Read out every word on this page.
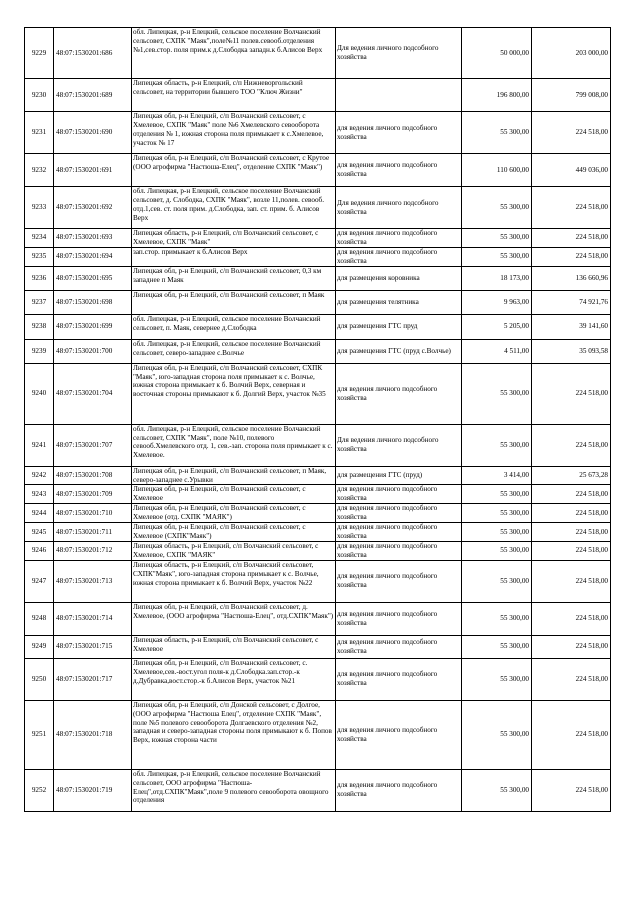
9229	48:07:1530201:686	обл. Липецкая, р-н Елецкий, сельское поселение Волчанский сельсовет, СХПК "Маяк",поле№11 полев.севооб.отделения №1,сев.стор. поля прим.к д.Слободка западн.к б.Алисов Верх	Для ведения личного подсобного хозяйства	50 000,00	203 000,00
9230	48:07:1530201:689	Липецкая область, р-н Елецкий, с/п Нижневоргольский сельсовет, на территории бывшего ТОО "Ключ Жизни"		196 800,00	799 008,00
9231	48:07:1530201:690	Липецкая обл, р-н Елецкий, с/п Волчанский сельсовет, с Хмелевое, СХПК "Маяк" поле №6 Хмелевского севооборота отделения № 1, южная сторона поля примыкает к с.Хмелевое, участок № 17	для ведения личного подсобного хозяйства	55 300,00	224 518,00
9232	48:07:1530201:691	Липецкая обл, р-н Елецкий, с/п Волчанский сельсовет, с Крутое (ООО агрофирма "Настюша-Елец", отделение СХПК "Маяк")	для ведения личного подсобного хозяйства	110 600,00	449 036,00
9233	48:07:1530201:692	обл. Липецкая, р-н Елецкий, сельское поселение Волчанский сельсовет, д. Слободка, СХПК "Маяк", возле 11,полев. севооб. отд.1,сев. ст. поля прим. д.Слободка, зап. ст. прим. б. Алисов Верх	Для ведения личного подсобного хозяйства	55 300,00	224 518,00
9234	48:07:1530201:693	Липецкая область, р-н Елецкий, с/п Волчанский сельсовет, с Хмелевое, СХПК "Маяк"	для ведения личного подсобного хозяйства	55 300,00	224 518,00
9235	48:07:1530201:694	зап.стор. примыкает к б.Алисов Верх	для ведения личного подсобного хозяйства	55 300,00	224 518,00
9236	48:07:1530201:695	Липецкая обл, р-н Елецкий, с/п Волчанский сельсовет, 0,3 км западнее п Маяк	для размещения коровника	18 173,00	136 660,96
9237	48:07:1530201:698	Липецкая обл, р-н Елецкий, с/п Волчанский сельсовет, п Маяк	для размещения телятника	9 963,00	74 921,76
9238	48:07:1530201:699	обл. Липецкая, р-н Елецкий, сельское поселение Волчанский сельсовет, п. Маяк, севернее д.Слободка	для размещения ГТС пруд	5 205,00	39 141,60
9239	48:07:1530201:700	обл. Липецкая, р-н Елецкий, сельское поселение Волчанский сельсовет, северо-западнее с.Волчье	для размещения ГТС (пруд с.Волчье)	4 511,00	35 093,58
9240	48:07:1530201:704	Липецкая обл, р-н Елецкий, с/п Волчанский сельсовет, СХПК "Маяк", юго-западная сторона поля примыкает к с. Волчье, южная сторона примыкает к б. Волчий Верх, северная и восточная стороны примыкают к б. Долгий Верх, участок №35	для ведения личного подсобного хозяйства	55 300,00	224 518,00
9241	48:07:1530201:707	обл. Липецкая, р-н Елецкий, сельское поселение Волчанский сельсовет, СХПК "Маяк", поле №10, полевого севооб.Хмелевского отд. 1, сев.-зап. сторона поля примыкает к с. Хмелевое.	Для ведения личного подсобного хозяйства	55 300,00	224 518,00
9242	48:07:1530201:708	Липецкая обл, р-н Елецкий, с/п Волчанский сельсовет, п Маяк, северо-западнее с.Урывки	для размещения ГТС (пруд)	3 414,00	25 673,28
9243	48:07:1530201:709	Липецкая обл, р-н Елецкий, с/п Волчанский сельсовет, с Хмелевое	для ведения личного подсобного хозяйства	55 300,00	224 518,00
9244	48:07:1530201:710	Липецкая обл, р-н Елецкий, с/п Волчанский сельсовет, с Хмелевое (отд. СХПК "МАЯК")	для ведения личного подсобного хозяйства	55 300,00	224 518,00
9245	48:07:1530201:711	Липецкая обл, р-н Елецкий, с/п Волчанский сельсовет, с Хмелевое (СХПК"Маяк")	для ведения личного подсобного хозяйства	55 300,00	224 518,00
9246	48:07:1530201:712	Липецкая область, р-н Елецкий, с/п Волчанский сельсовет, с Хмелевое, СХПК "МАЯК"	для ведения личного подсобного хозяйства	55 300,00	224 518,00
9247	48:07:1530201:713	Липецкая область, р-н Елецкий, с/п Волчанский сельсовет, СХПК"Маяк", юго-западная сторона примыкает к с. Волчье, южная сторона примыкает к б. Волчий Верх, участок №22	для ведения личного подсобного хозяйства	55 300,00	224 518,00
9248	48:07:1530201:714	Липецкая обл, р-н Елецкий, с/п Волчанский сельсовет, д. Хмелевое, (ООО агрофирма "Настюша-Елец", отд.СХПК"Маяк")	для ведения личного подсобного хозяйства	55 300,00	224 518,00
9249	48:07:1530201:715	Липецкая область, р-н Елецкий, с/п Волчанский сельсовет, с Хмелевое	для ведения личного подсобного хозяйства	55 300,00	224 518,00
9250	48:07:1530201:717	Липецкая обл, р-н Елецкий, с/п Волчанский сельсовет, с. Хмелевое,сев.-вост.угол поля-к д.Слободка.зап.стор.-к д.Дубравка,вост.стор.-к б.Алисов Верх, участок №21	для ведения личного подсобного хозяйства	55 300,00	224 518,00
9251	48:07:1530201:718	Липецкая обл, р-н Елецкий, с/п Донской сельсовет, с Долгое, (ООО агрофирма "Настюша Елец", отделение СХПК "Маяк", поле №5 полевого севооборота Долгаевского отделения №2, западная и северо-западная стороны поля примыкают к б. Попов Верх, южная сторона части	для ведения личного подсобного хозяйства	55 300,00	224 518,00
9252	48:07:1530201:719	обл. Липецкая, р-н Елецкий, сельское поселение Волчанский сельсовет, ООО агрофирма "Настюша-Елец",отд.СХПК"Маяк",поле 9 полевого севооборота овощного отделения	для ведения личного подсобного хозяйства	55 300,00	224 518,00
